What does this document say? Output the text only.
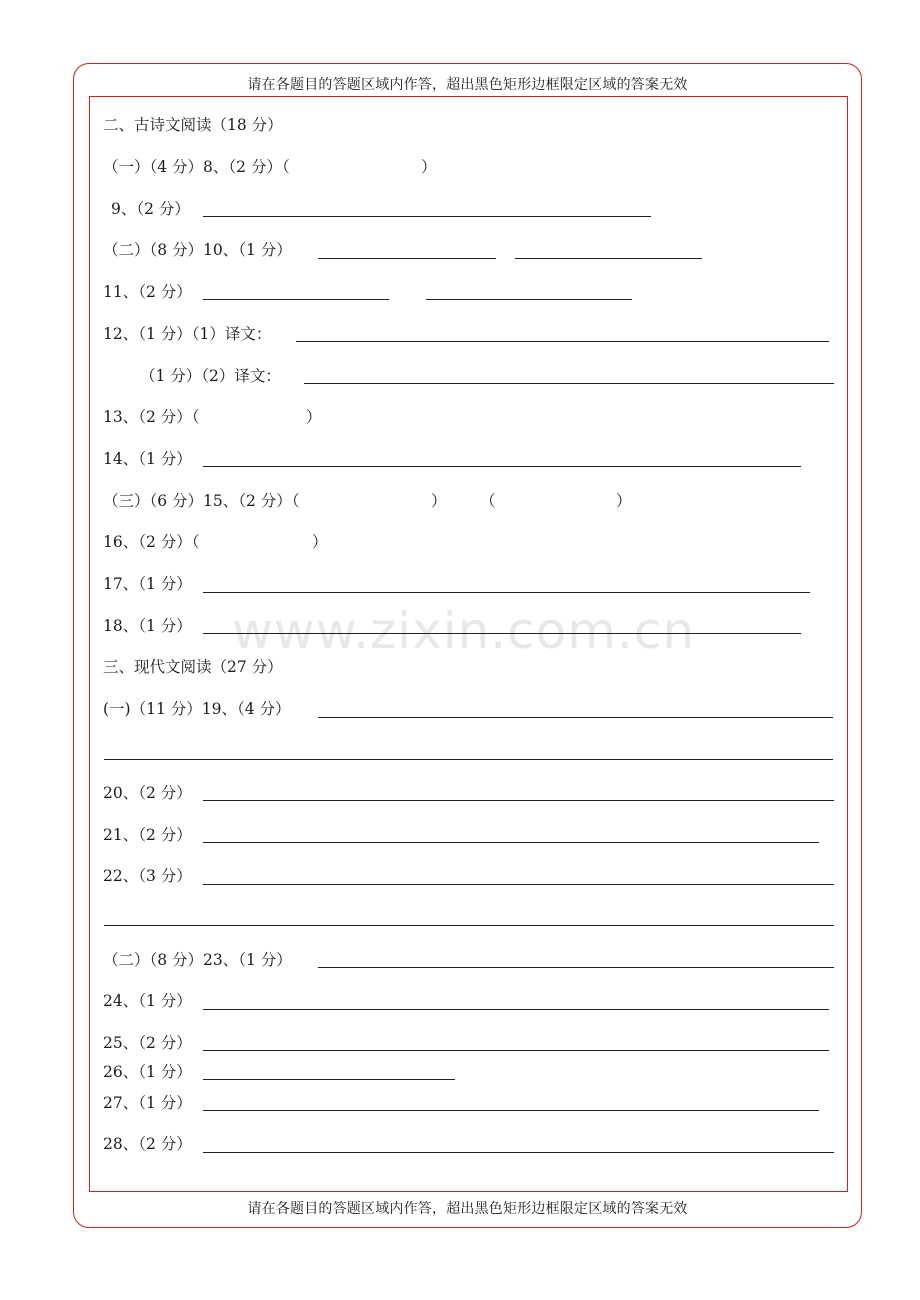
请在各题目的答题区域内作答，超出黑色矩形边框限定区域的答案无效
请在各题目的答题区域内作答，超出黑色矩形边框限定区域的答案无效
www.zixin.com.cn
二、古诗文阅读（18 分）
（一）（4 分）8、（2 分）（	）
9、（2 分）
（二）（8 分）10、（1 分）
11、（2 分）
12、（1 分）（1）译文：
（1 分）（2）译文：
13、（2 分）（	）
14、（1 分）
（三）（6 分）15、（2 分）（	） （	）
16、（2 分）（	）
17、（1 分）
18、（1 分）
三、现代文阅读（27 分）
(一)（11 分）19、（4 分）
20、（2 分）
21、（2 分）
22、（3 分）
（二）（8 分）23、（1 分）
24、（1 分）
25、（2 分）
26、（1 分）
27、（1 分）
28、（2 分）
